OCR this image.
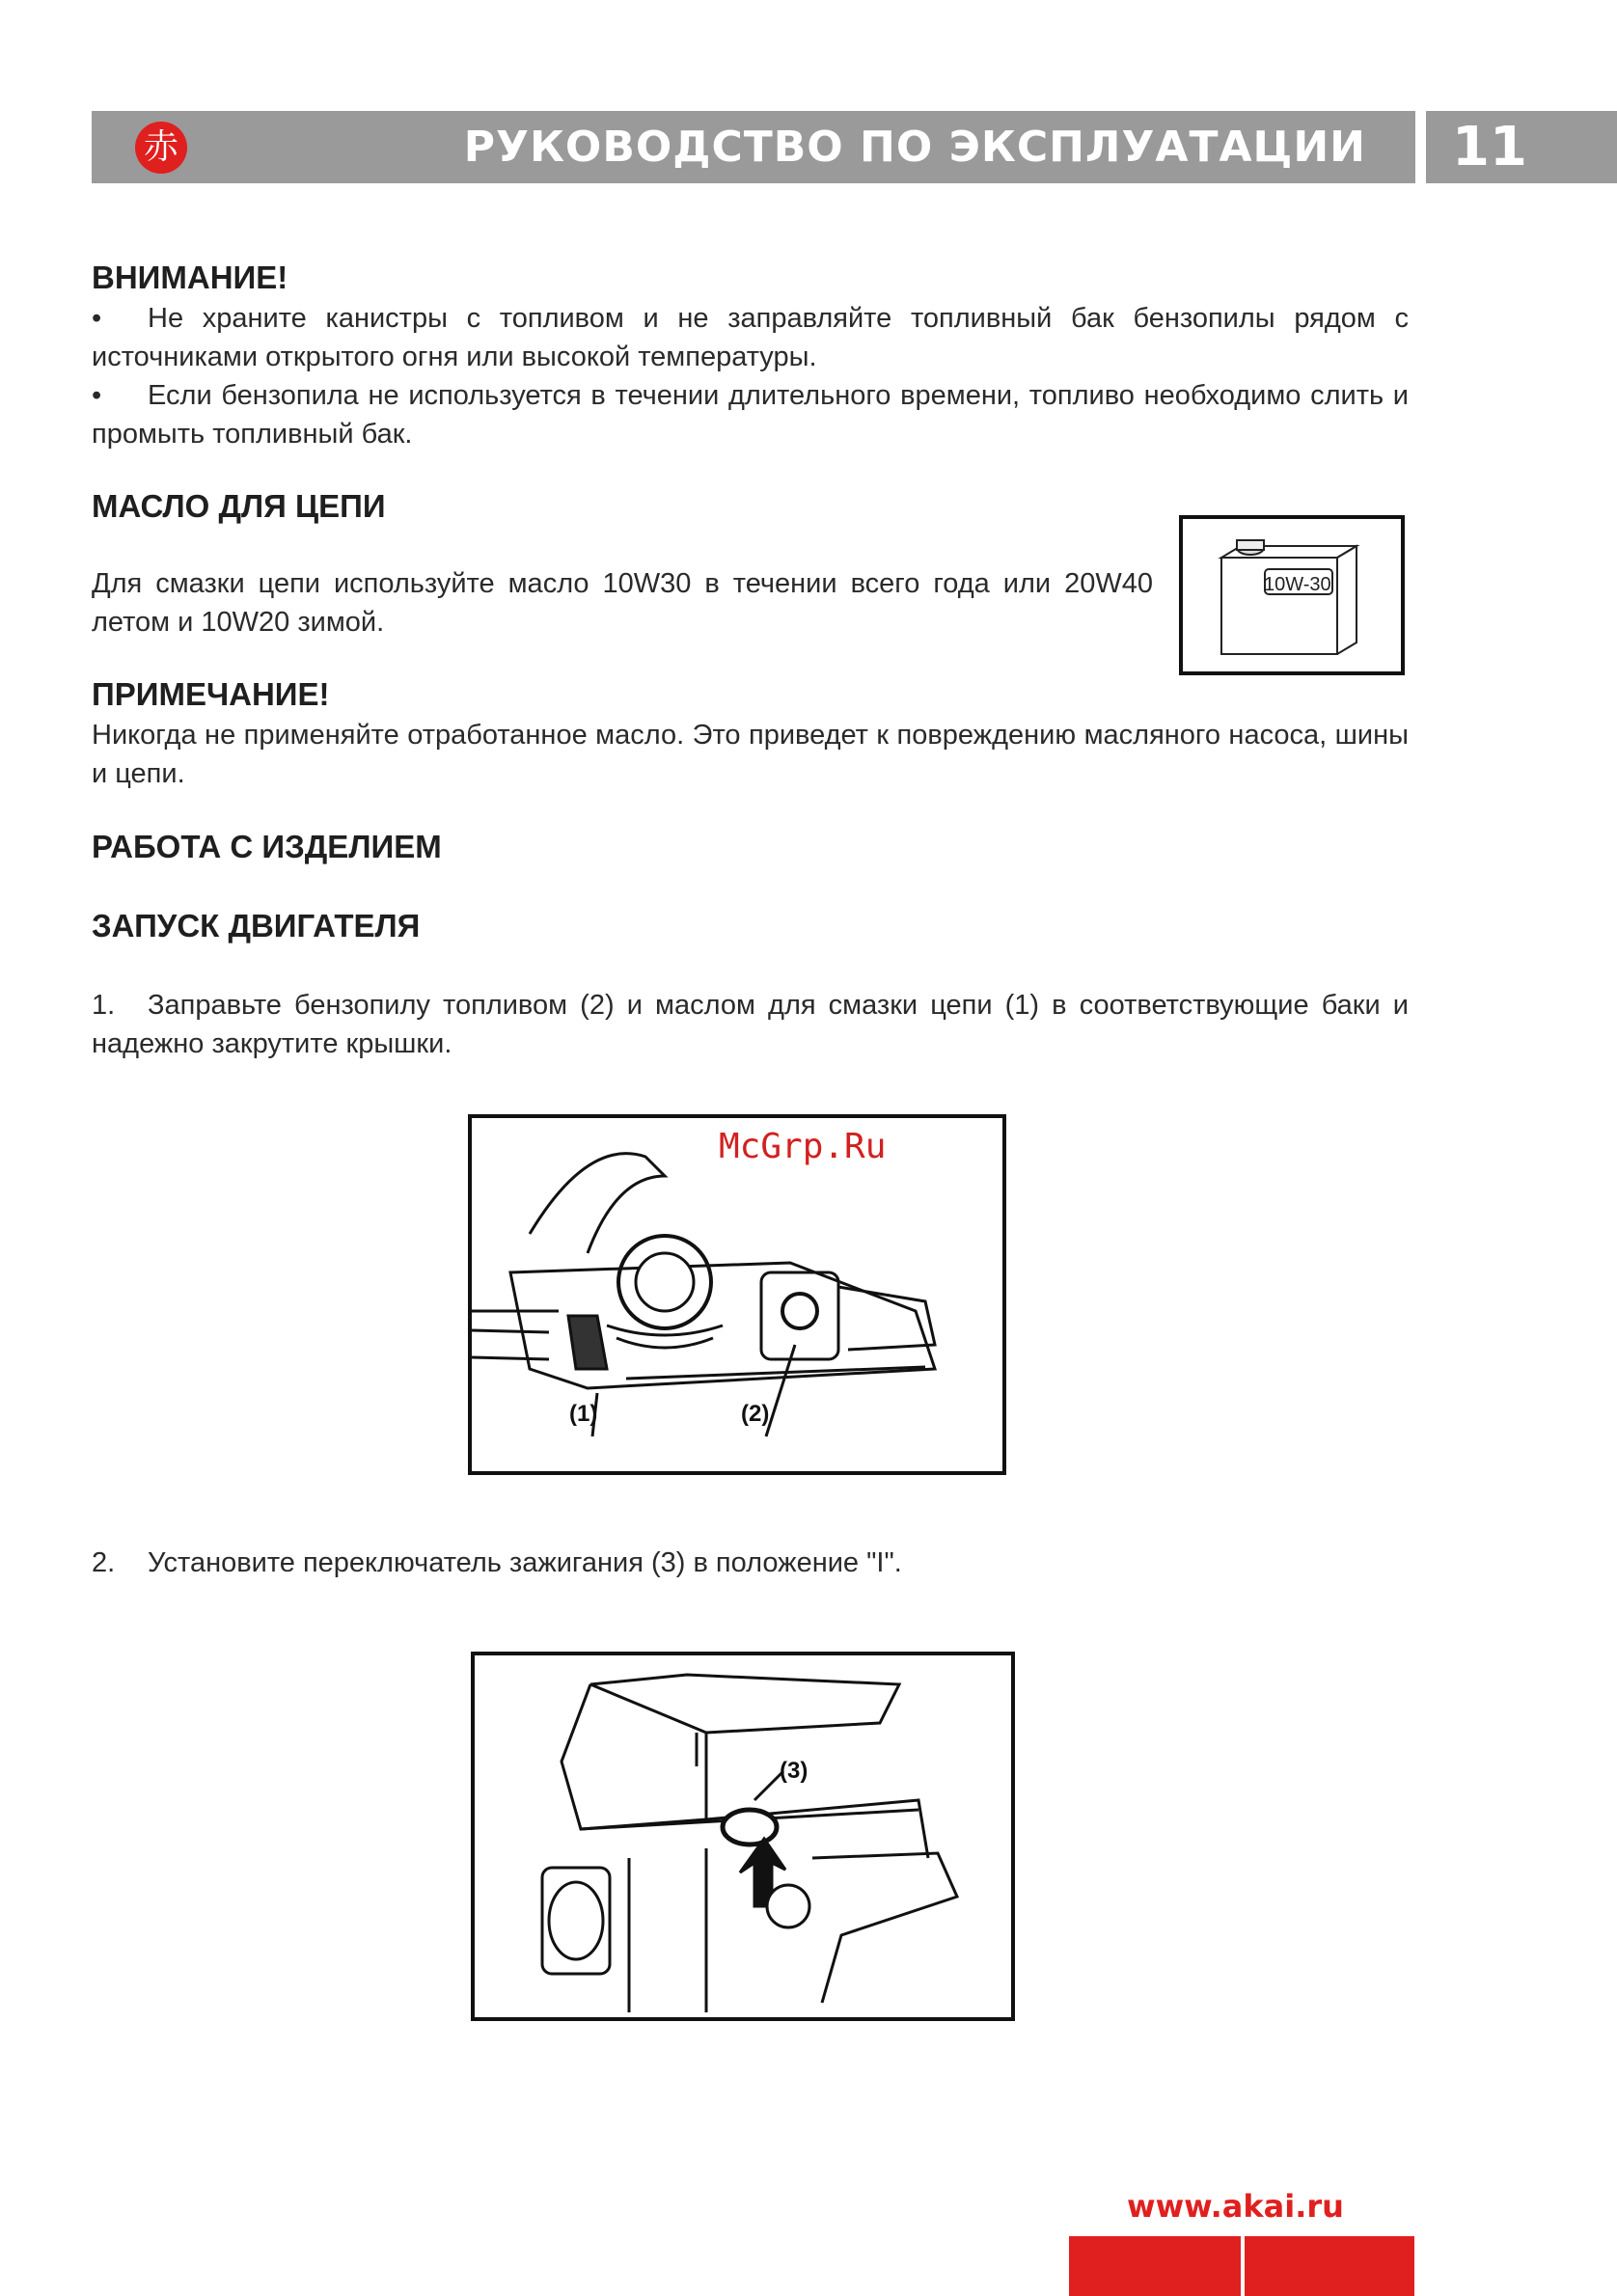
赤	РУКОВОДСТВО ПО ЭКСПЛУАТАЦИИ 11
ВНИМАНИЕ!

• Не храните канистры с топливом и не заправляйте топливный бак бензопилы рядом с источниками открытого огня или высокой температуры.

• Если бензопила не используется в течении длительного времени, топливо необходимо слить и промыть топливный бак.

МАСЛО ДЛЯ ЦЕПИ

Для смазки цепи используйте масло 10W30 в течении всего года или 20W40 летом и 10W20 зимой.

10W-30
ПРИМЕЧАНИЕ!

Никогда не применяйте отработанное масло. Это приведет к повреждению масляного насоса, шины и цепи.

РАБОТА С ИЗДЕЛИЕМ
ЗАПУСК ДВИГАТЕЛЯ

1. Заправьте бензопилу топливом (2) и маслом для смазки цепи (1) в соответствующие баки и надежно закрутите крышки.

McGrp.Ru
(1)	(2)

2. Установите переключатель зажигания (3) в положение "I".

(3)
www.akai.ru
